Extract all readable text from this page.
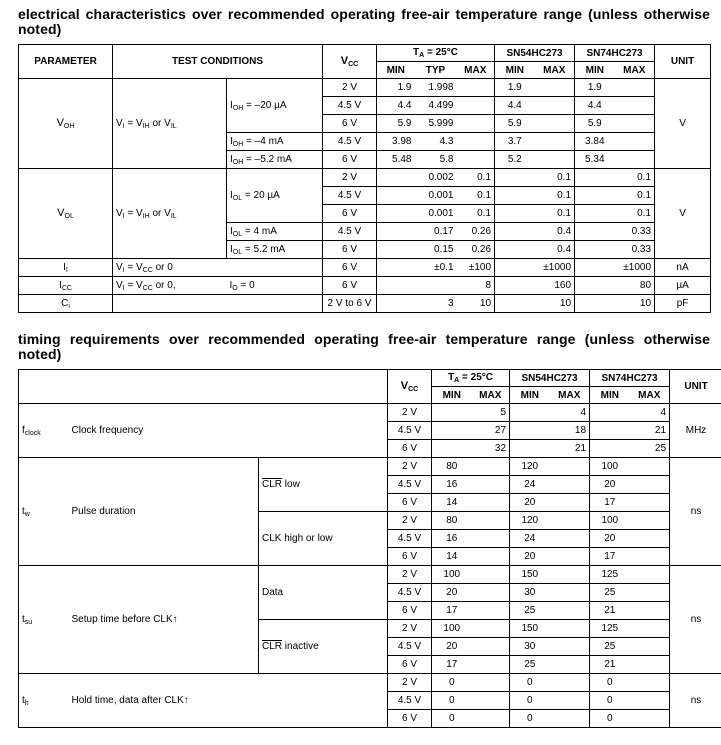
electrical characteristics over recommended operating free-air temperature range (unless otherwise noted)
PARAMETER	TEST CONDITIONS		$V_{CC}$	$T_A = 25^\circ C$			SN54HC273		SN74HC273		UNIT
				MIN	TYP	MAX	MIN	MAX	MIN	MAX	
$V_{OH}$	$V_I = V_{IH}$ or $V_{IL}$	$I_{OH} = -20$ µA	2 V	1.9	1.998		1.9		1.9		V
			4.5 V	4.4	4.499		4.4		4.4		
			6 V	5.9	5.999		5.9		5.9		
		$I_{OH} = -4$ mA	4.5 V	3.98	4.3		3.7		3.84		
		$I_{OH} = -5.2$ mA	6 V	5.48	5.8		5.2		5.34		
$V_{OL}$	$V_I = V_{IH}$ or $V_{IL}$	$I_{OL} = 20$ µA	2 V		0.002	0.1		0.1		0.1	V
			4.5 V		0.001	0.1		0.1		0.1	
			6 V		0.001	0.1		0.1		0.1	
		$I_{OL} = 4$ mA	4.5 V		0.17	0.26		0.4		0.33	
		$I_{OL} = 5.2$ mA	6 V		0.15	0.26		0.4		0.33	
$I_I$	$V_I = V_{CC}$ or 0		6 V		±0.1	±100		±1000		±1000	nA
$I_{CC}$	$V_I = V_{CC}$ or 0,	$I_O = 0$	6 V			8		160		80	µA
$C_i$			2 V to 6 V		3	10		10		10	pF
timing requirements over recommended operating free-air temperature range (unless otherwise noted)
			$V_{CC}$	$T_A = 25^\circ C$		SN54HC273		SN74HC273		UNIT
				MIN	MAX	MIN	MAX	MIN	MAX	
$f_{clock}$	Clock frequency		2 V		5		4		4	MHz
			4.5 V		27		18		21	
			6 V		32		21		25	
$t_w$	Pulse duration	$\overline{CLR}$ low	2 V	80		120		100		ns
			4.5 V	16		24		20		
			6 V	14		20		17		
		CLK high or low	2 V	80		120		100		
			4.5 V	16		24		20		
			6 V	14		20		17		
$t_{su}$	Setup time before CLK↑	Data	2 V	100		150		125		ns
			4.5 V	20		30		25		
			6 V	17		25		21		
		$\overline{CLR}$ inactive	2 V	100		150		125		
			4.5 V	20		30		25		
			6 V	17		25		21		
$t_h$	Hold time, data after CLK↑		2 V	0		0		0		ns
			4.5 V	0		0		0		
			6 V	0		0		0		
